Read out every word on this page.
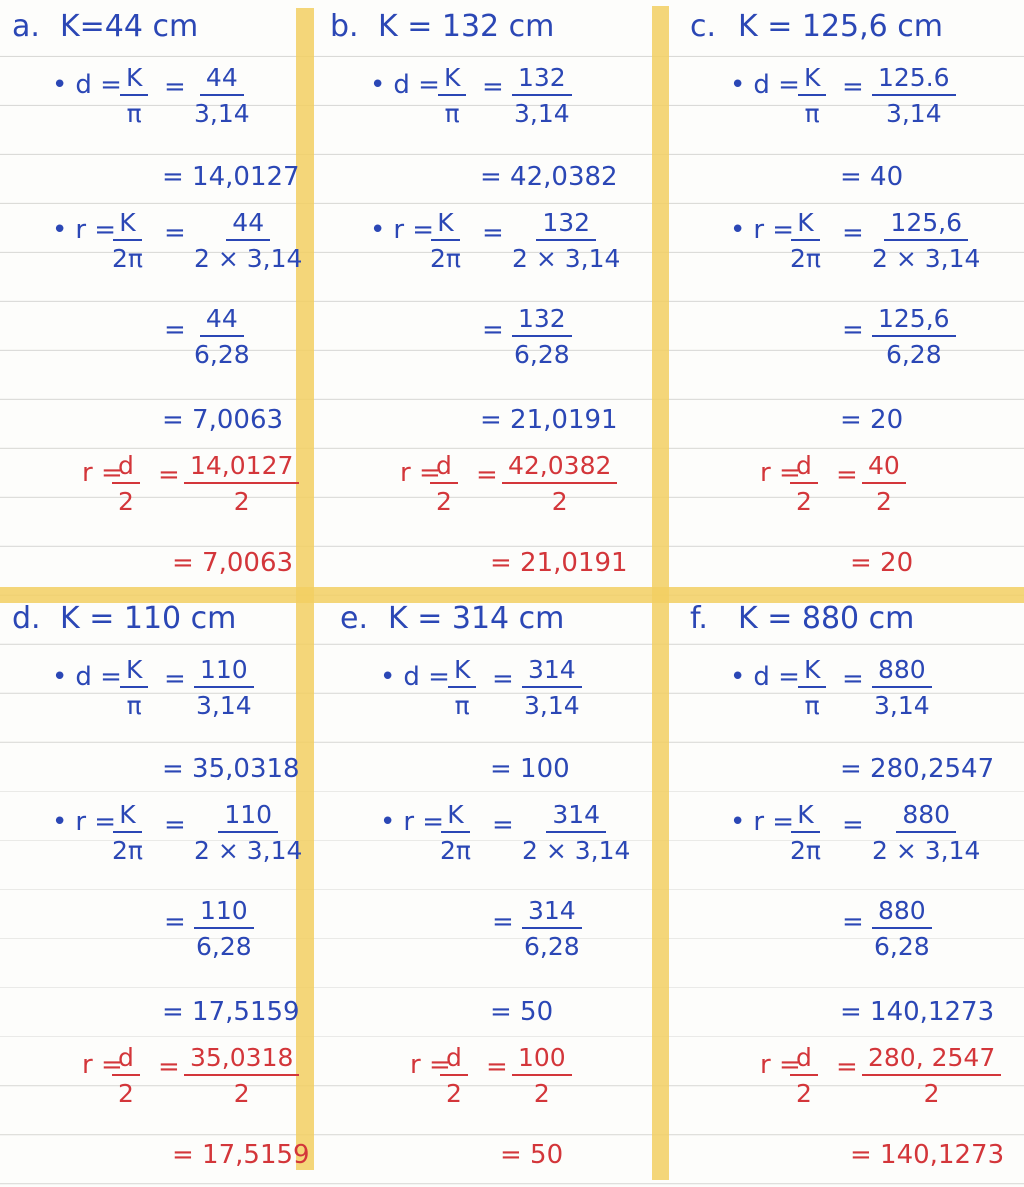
a. K=44 cm
• d =
$\frac{K}{\pi} = \frac{44}{3,14}$
= 14,0127
• r =
$\frac{K}{2\pi} = \frac{44}{2 \times 3,14}$
= $\frac{44}{6,28}$
= 7,0063
r =
$\frac{d}{2} = \frac{14,0127}{2}$
= 7,0063
b. K = 132 cm
• d =
$\frac{K}{\pi} = \frac{132}{3,14}$
= 42,0382
• r =
$\frac{K}{2\pi} = \frac{132}{2 \times 3,14}$
= $\frac{132}{6,28}$
= 21,0191
r =
$\frac{d}{2} = \frac{42,0382}{2}$
= 21,0191
c. K = 125,6 cm
• d =
$\frac{K}{\pi} = \frac{125.6}{3,14}$
= 40
• r =
$\frac{K}{2\pi} = \frac{125,6}{2 \times 3,14}$
= $\frac{125,6}{6,28}$
= 20
r =
$\frac{d}{2} = \frac{40}{2}$
= 20
d. K = 110 cm
• d =
$\frac{K}{\pi} = \frac{110}{3,14}$
= 35,0318
• r =
$\frac{K}{2\pi} = \frac{110}{2 \times 3,14}$
= $\frac{110}{6,28}$
= 17,5159
r =
$\frac{d}{2} = \frac{35,0318}{2}$
= 17,5159
e. K = 314 cm
• d =
$\frac{K}{\pi} = \frac{314}{3,14}$
= 100
• r =
$\frac{K}{2\pi} = \frac{314}{2 \times 3,14}$
= $\frac{314}{6,28}$
= 50
r =
$\frac{d}{2} = \frac{100}{2}$
= 50
f. K = 880 cm
• d =
$\frac{K}{\pi} = \frac{880}{3,14}$
= 280,2547
• r =
$\frac{K}{2\pi} = \frac{880}{2 \times 3,14}$
= $\frac{880}{6,28}$
= 140,1273
r =
$\frac{d}{2} = \frac{280, 2547}{2}$
= 140,1273
